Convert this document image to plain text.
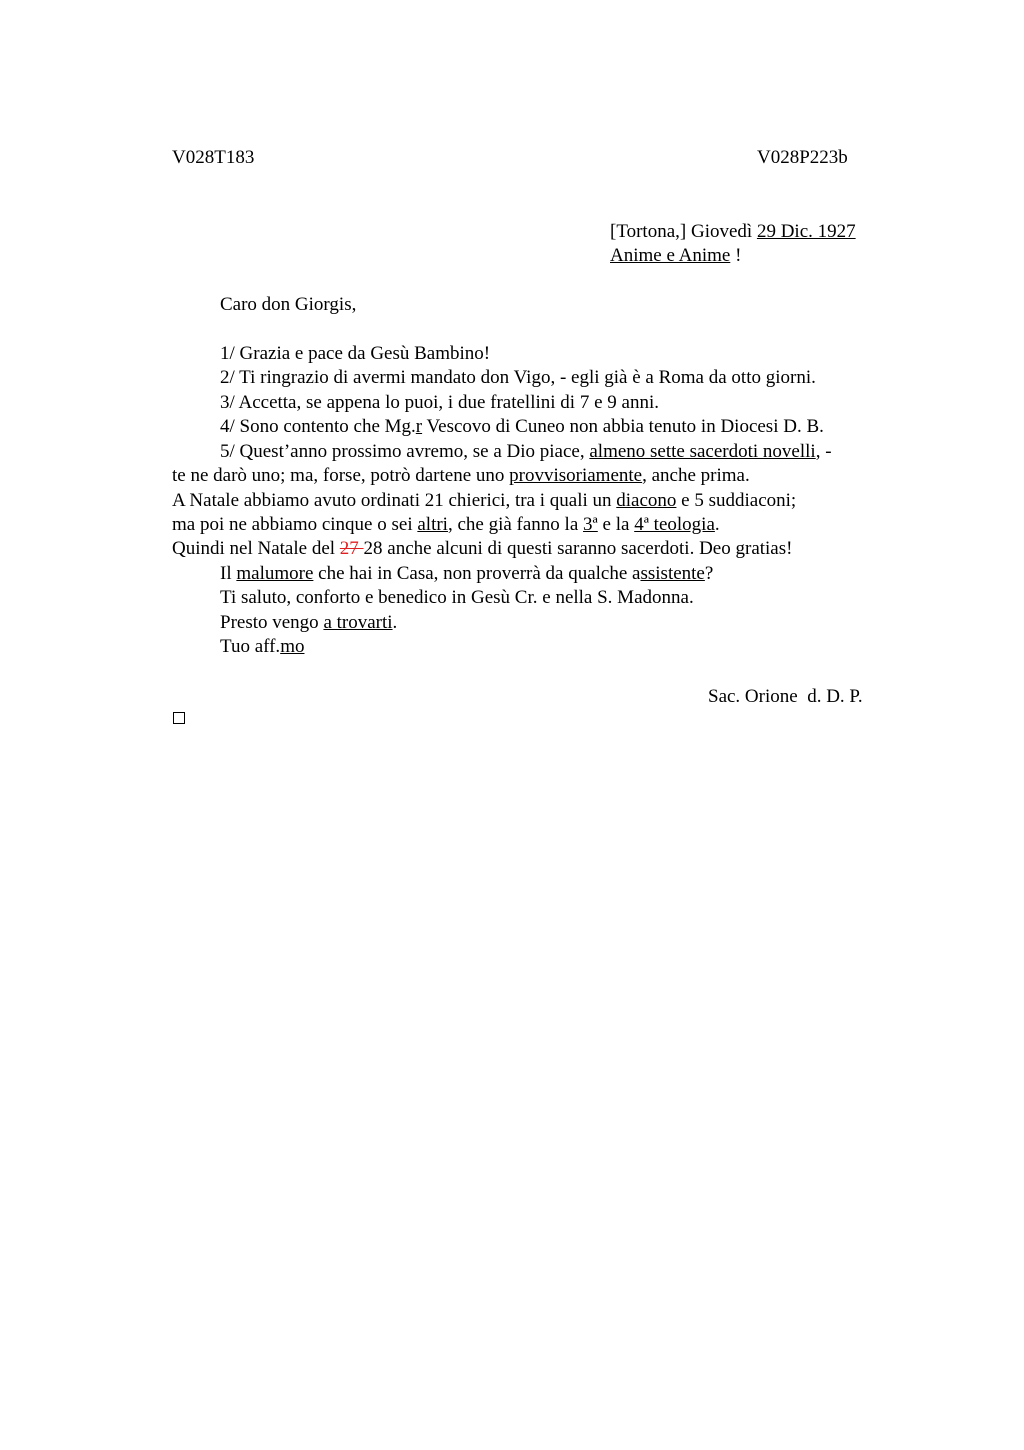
V028T183	V028P223b
[Tortona,] Giovedì 29 Dic. 1927
Anime e Anime !
Caro don Giorgis,
1/ Grazia e pace da Gesù Bambino!
2/ Ti ringrazio di avermi mandato don Vigo, - egli già è a Roma da otto giorni.
3/ Accetta, se appena lo puoi, i due fratellini di 7 e 9 anni.
4/ Sono contento che Mg.r Vescovo di Cuneo non abbia tenuto in Diocesi D. B.
5/ Quest’anno prossimo avremo, se a Dio piace, almeno sette sacerdoti novelli, -
te ne darò uno; ma, forse, potrò dartene uno provvisoriamente, anche prima.
A Natale abbiamo avuto ordinati 21 chierici, tra i quali un diacono e 5 suddiaconi;
ma poi ne abbiamo cinque o sei altri, che già fanno la 3ª e la 4ª teologia.
Quindi nel Natale del 27 28 anche alcuni di questi saranno sacerdoti. Deo gratias!
Il malumore che hai in Casa, non proverrà da qualche assistente?
Ti saluto, conforto e benedico in Gesù Cr. e nella S. Madonna.
Presto vengo a trovarti.
Tuo aff.mo
Sac. Orione  d. D. P.
